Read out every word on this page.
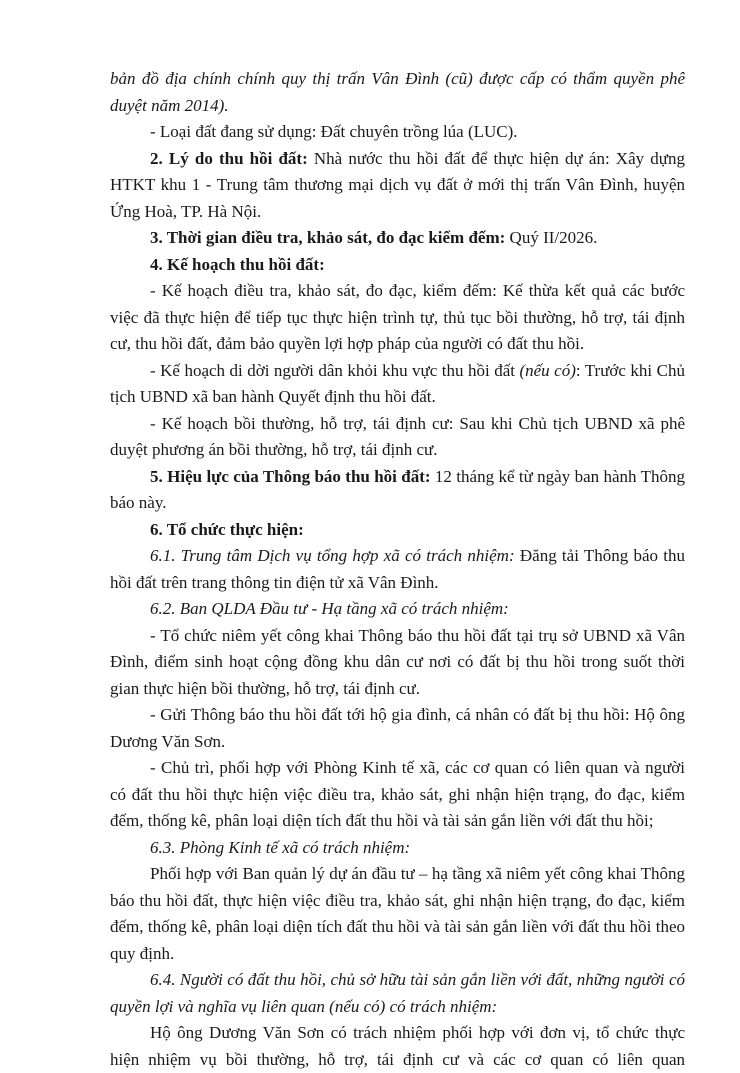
bản đồ địa chính chính quy thị trấn Vân Đình (cũ) được cấp có thẩm quyền phê duyệt năm 2014).

- Loại đất đang sử dụng: Đất chuyên trồng lúa (LUC).

2. Lý do thu hồi đất: Nhà nước thu hồi đất để thực hiện dự án: Xây dựng HTKT khu 1 - Trung tâm thương mại dịch vụ đất ở mới thị trấn Vân Đình, huyện Ứng Hoà, TP. Hà Nội.

3. Thời gian điều tra, khảo sát, đo đạc kiểm đếm: Quý II/2026.

4. Kế hoạch thu hồi đất:

- Kế hoạch điều tra, khảo sát, đo đạc, kiểm đếm: Kế thừa kết quả các bước việc đã thực hiện để tiếp tục thực hiện trình tự, thủ tục bồi thường, hỗ trợ, tái định cư, thu hồi đất, đảm bảo quyền lợi hợp pháp của người có đất thu hồi.

- Kế hoạch di dời người dân khỏi khu vực thu hồi đất (nếu có): Trước khi Chủ tịch UBND xã ban hành Quyết định thu hồi đất.

- Kế hoạch bồi thường, hỗ trợ, tái định cư: Sau khi Chủ tịch UBND xã phê duyệt phương án bồi thường, hỗ trợ, tái định cư.

5. Hiệu lực của Thông báo thu hồi đất: 12 tháng kể từ ngày ban hành Thông báo này.

6. Tổ chức thực hiện:

6.1. Trung tâm Dịch vụ tổng hợp xã có trách nhiệm: Đăng tải Thông báo thu hồi đất trên trang thông tin điện tử xã Vân Đình.

6.2. Ban QLDA Đầu tư - Hạ tầng xã có trách nhiệm:

- Tổ chức niêm yết công khai Thông báo thu hồi đất tại trụ sở UBND xã Vân Đình, điểm sinh hoạt cộng đồng khu dân cư nơi có đất bị thu hồi trong suốt thời gian thực hiện bồi thường, hỗ trợ, tái định cư.

- Gửi Thông báo thu hồi đất tới hộ gia đình, cá nhân có đất bị thu hồi: Hộ ông Dương Văn Sơn.

- Chủ trì, phối hợp với Phòng Kinh tế xã, các cơ quan có liên quan và người có đất thu hồi thực hiện việc điều tra, khảo sát, ghi nhận hiện trạng, đo đạc, kiểm đếm, thống kê, phân loại diện tích đất thu hồi và tài sản gắn liền với đất thu hồi;

6.3. Phòng Kinh tế xã có trách nhiệm:

Phối hợp với Ban quản lý dự án đầu tư – hạ tầng xã niêm yết công khai Thông báo thu hồi đất, thực hiện việc điều tra, khảo sát, ghi nhận hiện trạng, đo đạc, kiểm đếm, thống kê, phân loại diện tích đất thu hồi và tài sản gắn liền với đất thu hồi theo quy định.

6.4. Người có đất thu hồi, chủ sở hữu tài sản gắn liền với đất, những người có quyền lợi và nghĩa vụ liên quan (nếu có) có trách nhiệm:

Hộ ông Dương Văn Sơn có trách nhiệm phối hợp với đơn vị, tổ chức thực hiện nhiệm vụ bồi thường, hỗ trợ, tái định cư và các cơ quan có liên quan
